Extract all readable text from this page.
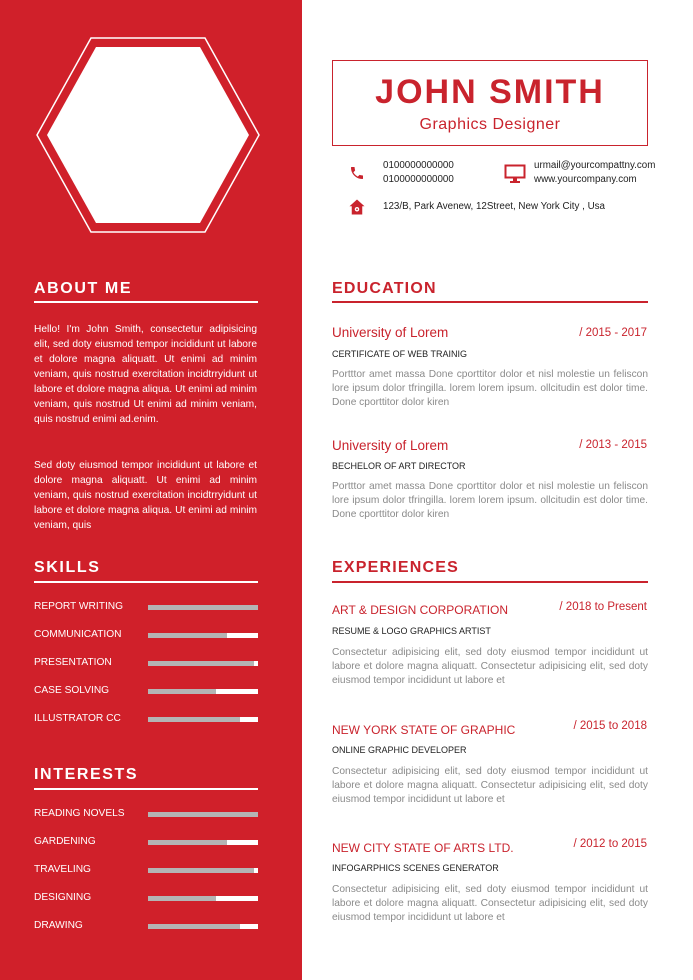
ABOUT ME
Hello! I'm John Smith, consectetur adipisicing elit, sed doty eiusmod tempor incididunt ut labore et dolore magna aliquatt. Ut enimi ad minim veniam, quis nostrud exercitation incidtrryidunt ut labore et dolore magna aliqua. Ut enimi ad minim veniam, quis nostrud Ut enimi ad minim veniam, quis nostrud enimi ad.enim.
Sed doty eiusmod tempor incididunt ut labore et dolore magna aliquatt. Ut enimi ad minim veniam, quis nostrud exercitation incidtrryidunt ut labore et dolore magna aliqua. Ut enimi ad minim veniam, quis
SKILLS
REPORT WRITING
COMMUNICATION
PRESENTATION
CASE SOLVING
ILLUSTRATOR CC
INTERESTS
READING NOVELS
GARDENING
TRAVELING
DESIGNING
DRAWING
JOHN SMITH
Graphics Designer
0100000000000
0100000000000
urmail@yourcompattny.com
www.yourcompany.com
123/B, Park Avenew, 12Street, New York City , Usa
EDUCATION
University of Lorem	/ 2015 - 2017
CERTIFICATE OF WEB TRAINIG
Portttor amet massa Done cporttitor dolor et nisl molestie un feliscon lore ipsum dolor tfringilla. lorem lorem ipsum. ollcitudin est dolor time. Done cporttitor dolor kiren
University of Lorem	/ 2013 - 2015
BECHELOR OF ART DIRECTOR
Portttor amet massa Done cporttitor dolor et nisl molestie un feliscon lore ipsum dolor tfringilla. lorem lorem ipsum. ollcitudin est dolor time. Done cporttitor dolor kiren
EXPERIENCES
ART & DESIGN CORPORATION	/ 2018 to Present
RESUME & LOGO GRAPHICS ARTIST
Consectetur adipisicing elit, sed doty eiusmod tempor incididunt ut labore et dolore magna aliquatt. Consectetur adipisicing elit, sed doty eiusmod tempor incididunt ut labore et
NEW YORK STATE OF GRAPHIC	/ 2015 to 2018
ONLINE GRAPHIC DEVELOPER
Consectetur adipisicing elit, sed doty eiusmod tempor incididunt ut labore et dolore magna aliquatt. Consectetur adipisicing elit, sed doty eiusmod tempor incididunt ut labore et
NEW CITY STATE OF ARTS LTD.	/ 2012 to 2015
INFOGARPHICS SCENES GENERATOR
Consectetur adipisicing elit, sed doty eiusmod tempor incididunt ut labore et dolore magna aliquatt. Consectetur adipisicing elit, sed doty eiusmod tempor incididunt ut labore et
